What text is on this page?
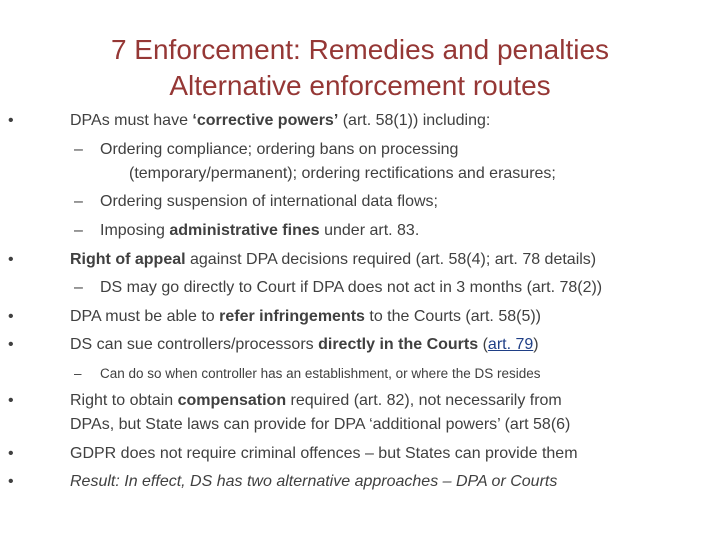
7 Enforcement: Remedies and penalties
Alternative enforcement routes
•	DPAs must have ‘corrective powers’ (art. 58(1)) including:
– Ordering compliance; ordering bans on processing
(temporary/permanent); ordering rectifications and erasures;
– Ordering suspension of international data flows;
– Imposing administrative fines under art. 83.
•	Right of appeal against DPA decisions required (art. 58(4); art. 78 details)
– DS may go directly to Court if DPA does not act in 3 months (art. 78(2))
•	DPA must be able to refer infringements to the Courts (art. 58(5))
•	DS can sue controllers/processors directly in the Courts (art. 79)
– Can do so when controller has an establishment, or where the DS resides
•	Right to obtain compensation required (art. 82), not necessarily from
DPAs, but State laws can provide for DPA ‘additional powers’ (art 58(6)
•	GDPR does not require criminal offences – but States can provide them
•	Result: In effect, DS has two alternative approaches – DPA or Courts
